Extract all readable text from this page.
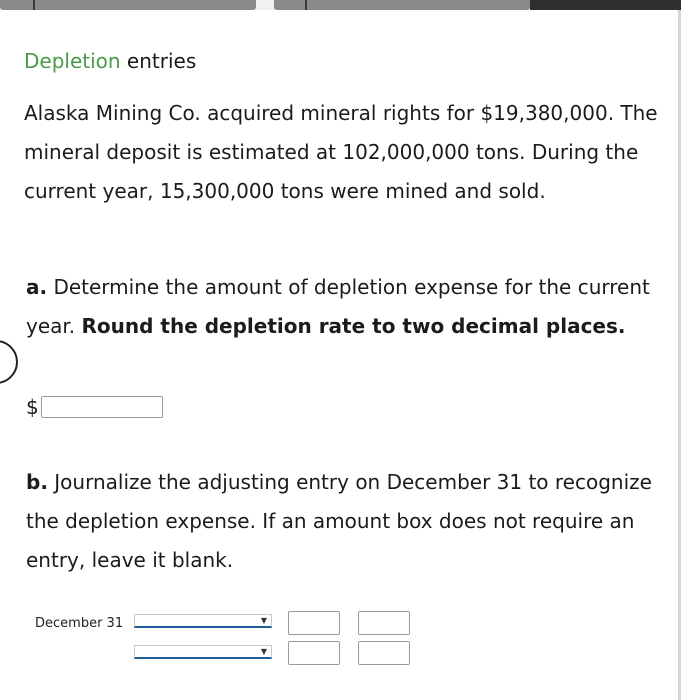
Depletion entries
Alaska Mining Co. acquired mineral rights for $19,380,000. The mineral deposit is estimated at 102,000,000 tons. During the current year, 15,300,000 tons were mined and sold.
a. Determine the amount of depletion expense for the current year. Round the depletion rate to two decimal places.
$
b. Journalize the adjusting entry on December 31 to recognize the depletion expense. If an amount box does not require an entry, leave it blank.
December 31	▼
▼
